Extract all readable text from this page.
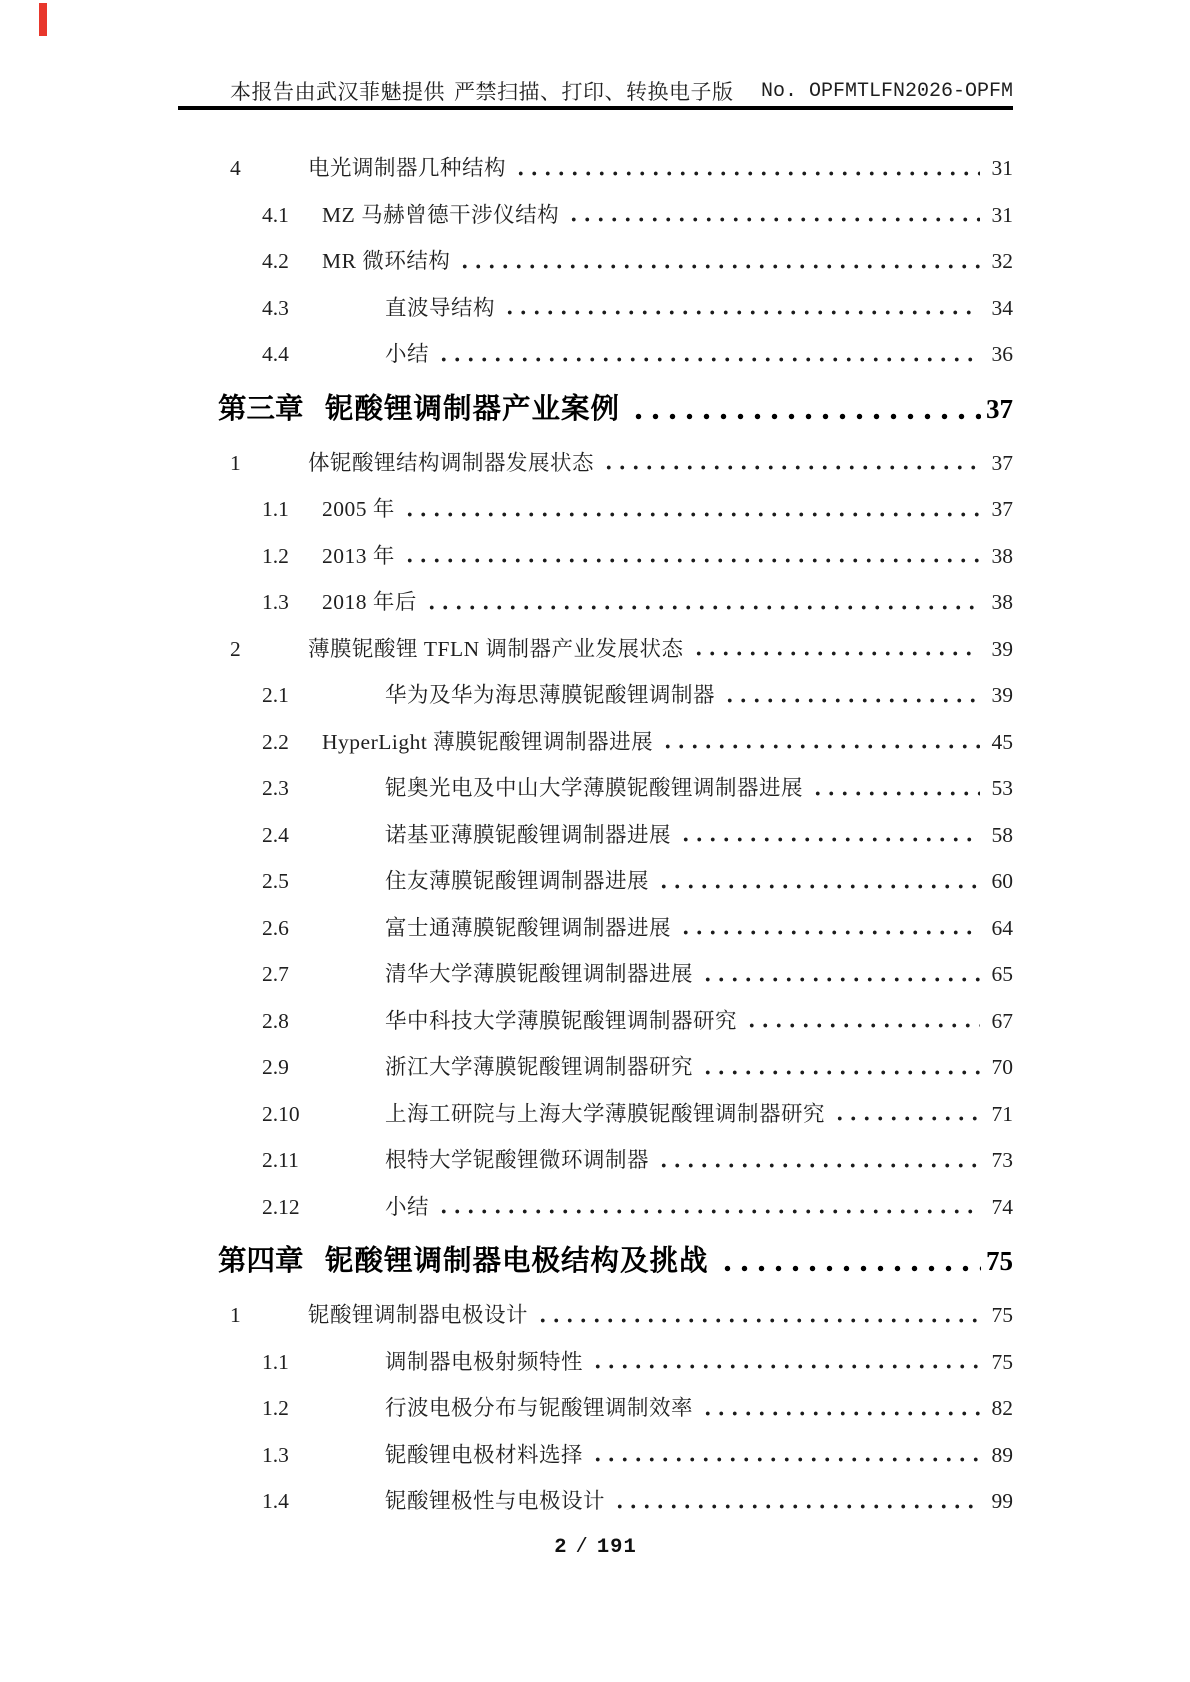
本报告由武汉菲魅提供 严禁扫描、打印、转换电子版 No. OPFMTLFN2026-OPFM
4	电光调制器几种结构	31
4.1	MZ 马赫曾德干涉仪结构	31
4.2	MR 微环结构	32
4.3	直波导结构	34
4.4	小结	36
第三章 铌酸锂调制器产业案例	37
1	体铌酸锂结构调制器发展状态	37
1.1	2005 年	37
1.2	2013 年	38
1.3	2018 年后	38
2	薄膜铌酸锂 TFLN 调制器产业发展状态	39
2.1	华为及华为海思薄膜铌酸锂调制器	39
2.2	HyperLight 薄膜铌酸锂调制器进展	45
2.3	铌奥光电及中山大学薄膜铌酸锂调制器进展	53
2.4	诺基亚薄膜铌酸锂调制器进展	58
2.5	住友薄膜铌酸锂调制器进展	60
2.6	富士通薄膜铌酸锂调制器进展	64
2.7	清华大学薄膜铌酸锂调制器进展	65
2.8	华中科技大学薄膜铌酸锂调制器研究	67
2.9	浙江大学薄膜铌酸锂调制器研究	70
2.10	上海工研院与上海大学薄膜铌酸锂调制器研究	71
2.11	根特大学铌酸锂微环调制器	73
2.12	小结	74
第四章 铌酸锂调制器电极结构及挑战	75
1	铌酸锂调制器电极设计	75
1.1	调制器电极射频特性	75
1.2	行波电极分布与铌酸锂调制效率	82
1.3	铌酸锂电极材料选择	89
1.4	铌酸锂极性与电极设计	99
2 / 191
